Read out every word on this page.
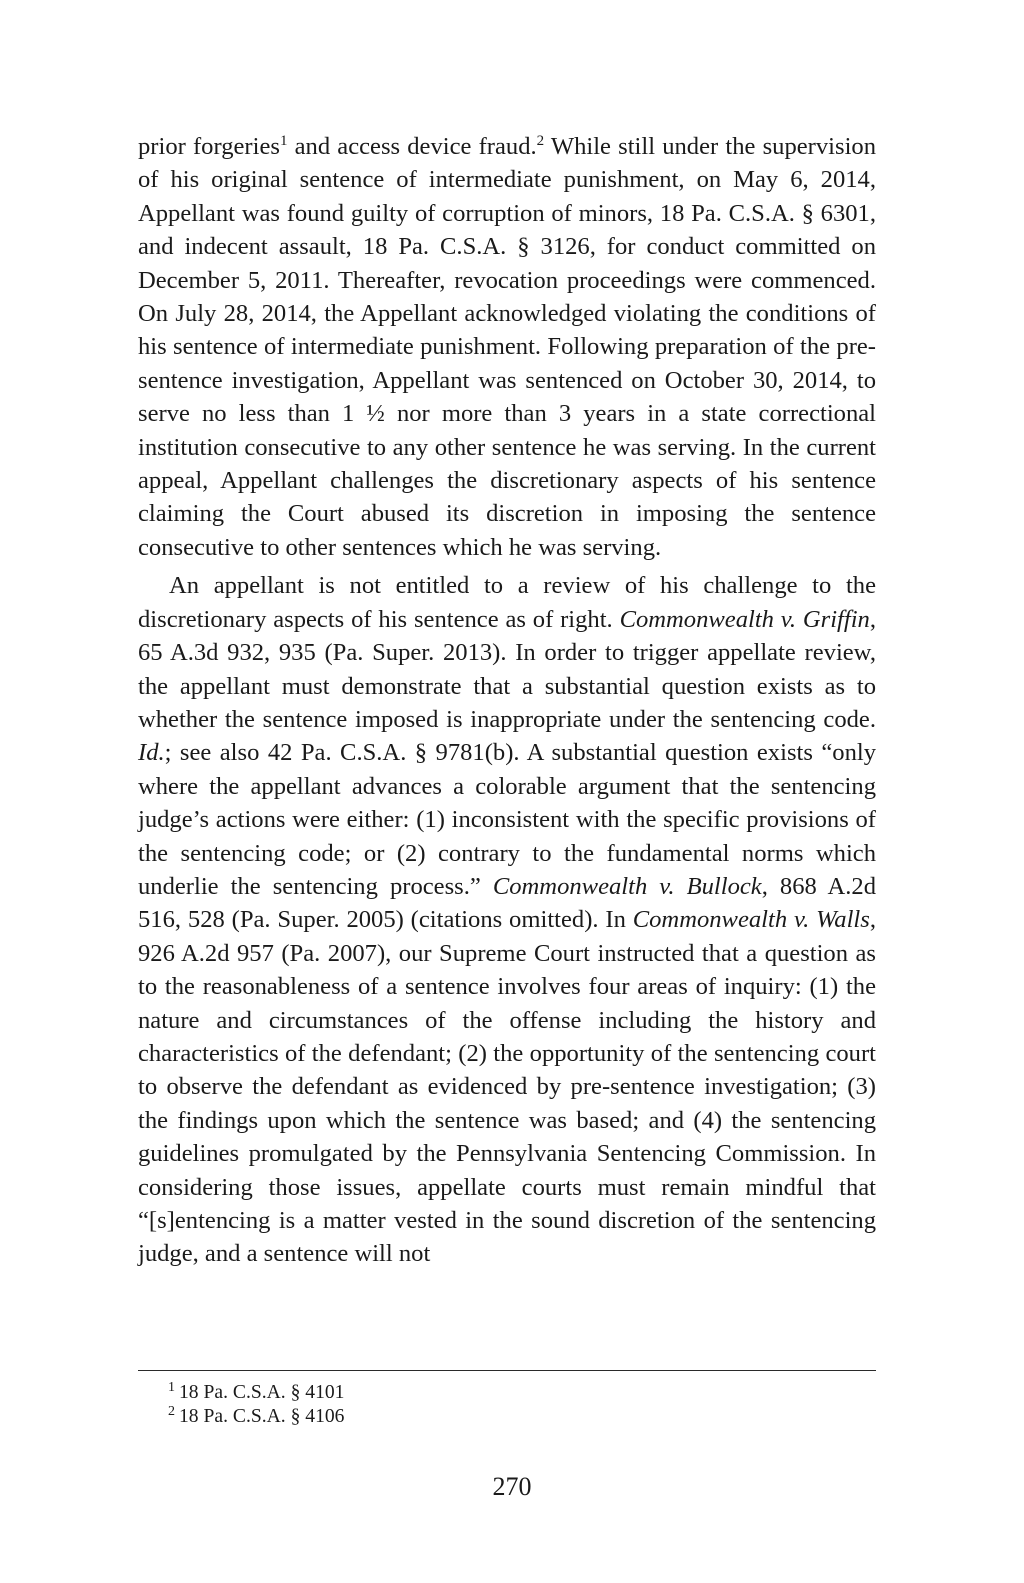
prior forgeries$^1$ and access device fraud.$^2$ While still under the supervision of his original sentence of intermediate punishment, on May 6, 2014, Appellant was found guilty of corruption of minors, 18 Pa. C.S.A. § 6301, and indecent assault, 18 Pa. C.S.A. § 3126, for conduct committed on December 5, 2011. Thereafter, revocation proceedings were commenced. On July 28, 2014, the Appellant acknowledged violating the conditions of his sentence of intermediate punishment. Following preparation of the pre-sentence investigation, Appellant was sentenced on October 30, 2014, to serve no less than 1 ½ nor more than 3 years in a state correctional institution consecutive to any other sentence he was serving. In the current appeal, Appellant challenges the discretionary aspects of his sentence claiming the Court abused its discretion in imposing the sentence consecutive to other sentences which he was serving.

An appellant is not entitled to a review of his challenge to the discretionary aspects of his sentence as of right. Commonwealth v. Griffin, 65 A.3d 932, 935 (Pa. Super. 2013). In order to trigger appellate review, the appellant must demonstrate that a substantial question exists as to whether the sentence imposed is inappropriate under the sentencing code. Id.; see also 42 Pa. C.S.A. § 9781(b). A substantial question exists “only where the appellant advances a colorable argument that the sentencing judge’s actions were either: (1) inconsistent with the specific provisions of the sentencing code; or (2) contrary to the fundamental norms which underlie the sentencing process.” Commonwealth v. Bullock, 868 A.2d 516, 528 (Pa. Super. 2005) (citations omitted). In Commonwealth v. Walls, 926 A.2d 957 (Pa. 2007), our Supreme Court instructed that a question as to the reasonableness of a sentence involves four areas of inquiry: (1) the nature and circumstances of the offense including the history and characteristics of the defendant; (2) the opportunity of the sentencing court to observe the defendant as evidenced by pre-sentence investigation; (3) the findings upon which the sentence was based; and (4) the sentencing guidelines promulgated by the Pennsylvania Sentencing Commission. In considering those issues, appellate courts must remain mindful that “[s]entencing is a matter vested in the sound discretion of the sentencing judge, and a sentence will not

$^1$ 18 Pa. C.S.A. § 4101
$^2$ 18 Pa. C.S.A. § 4106
270
